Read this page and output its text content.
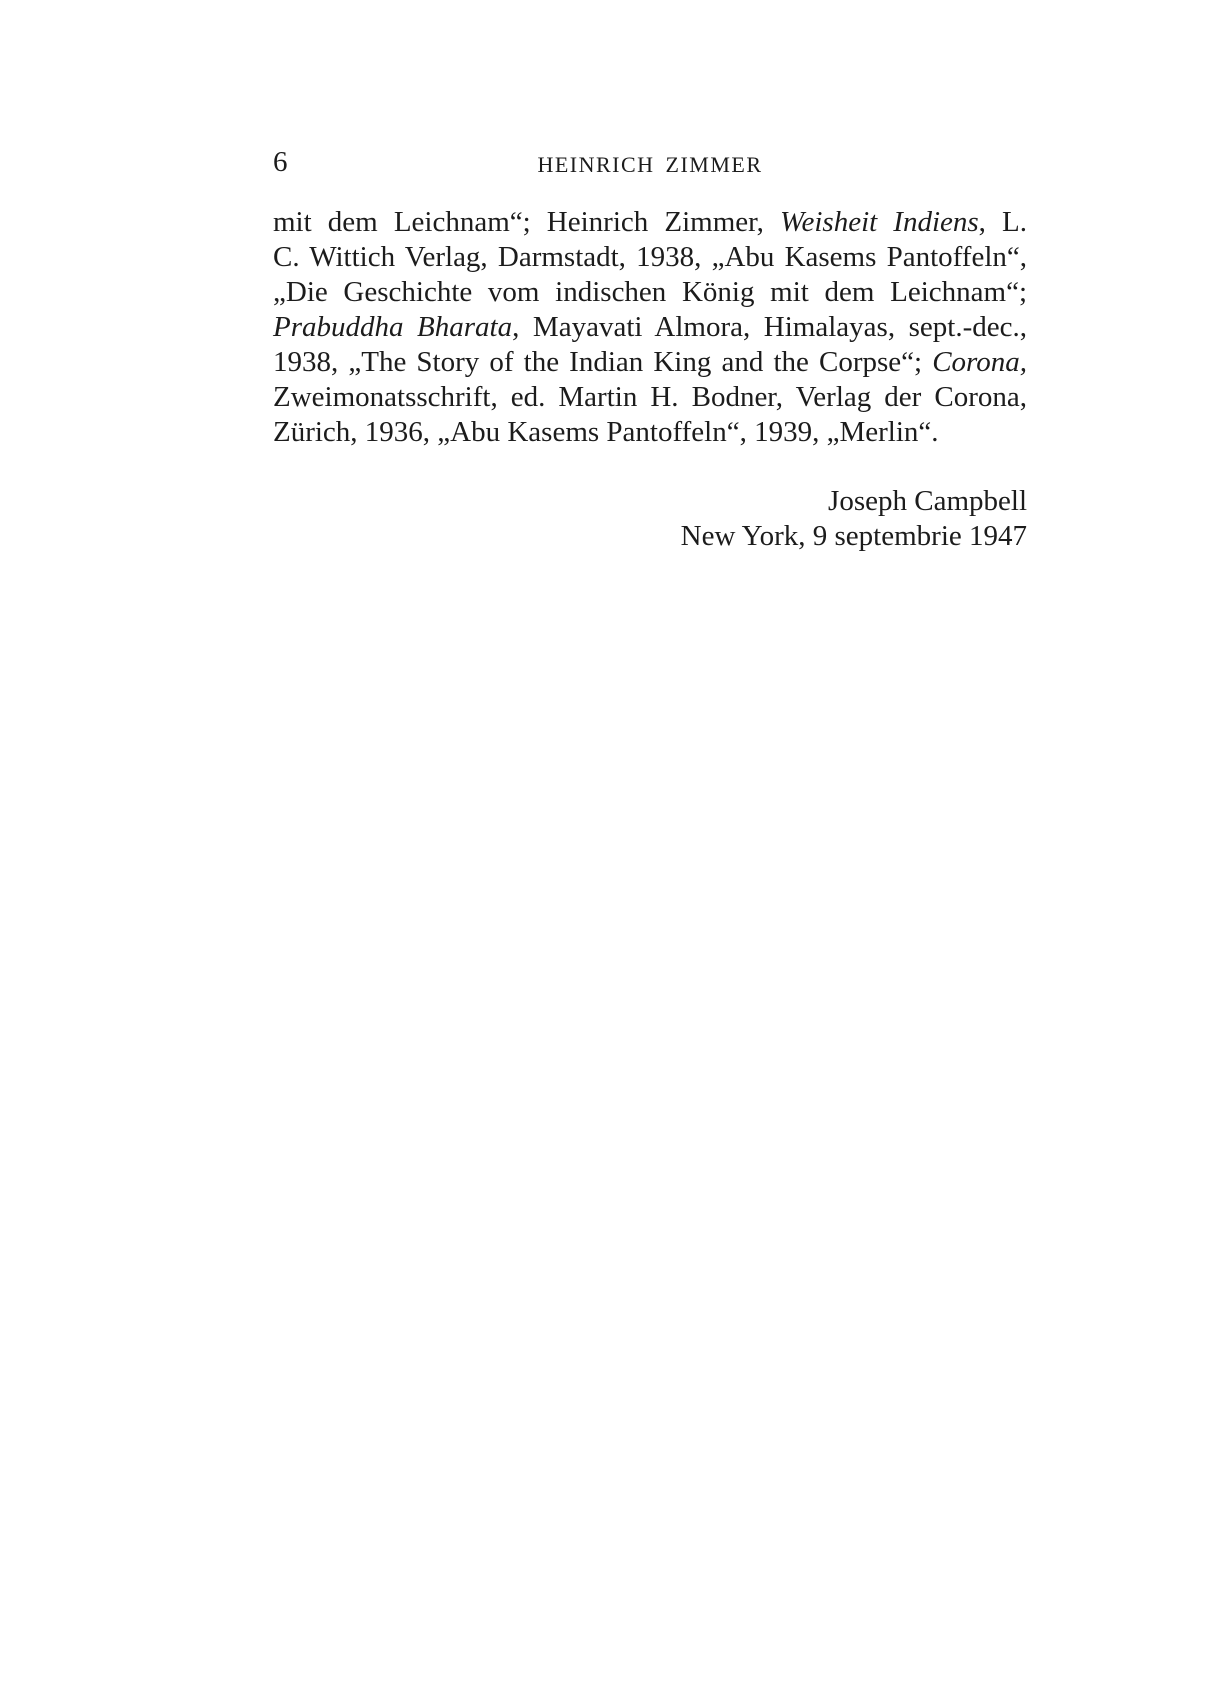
6	HEINRICH ZIMMER
mit dem Leichnam“; Heinrich Zimmer, Weisheit Indiens, L.
C. Wittich Verlag, Darmstadt, 1938, „Abu Kasems Pantoffeln“,
„Die Geschichte vom indischen König mit dem Leichnam“;
Prabuddha Bharata, Mayavati Almora, Himalayas, sept.-dec.,
1938, „The Story of the Indian King and the Corpse“; Corona,
Zweimonatsschrift, ed. Martin H. Bodner, Verlag der Corona,
Zürich, 1936, „Abu Kasems Pantoffeln“, 1939, „Merlin“.
Joseph Campbell
New York, 9 septembrie 1947
